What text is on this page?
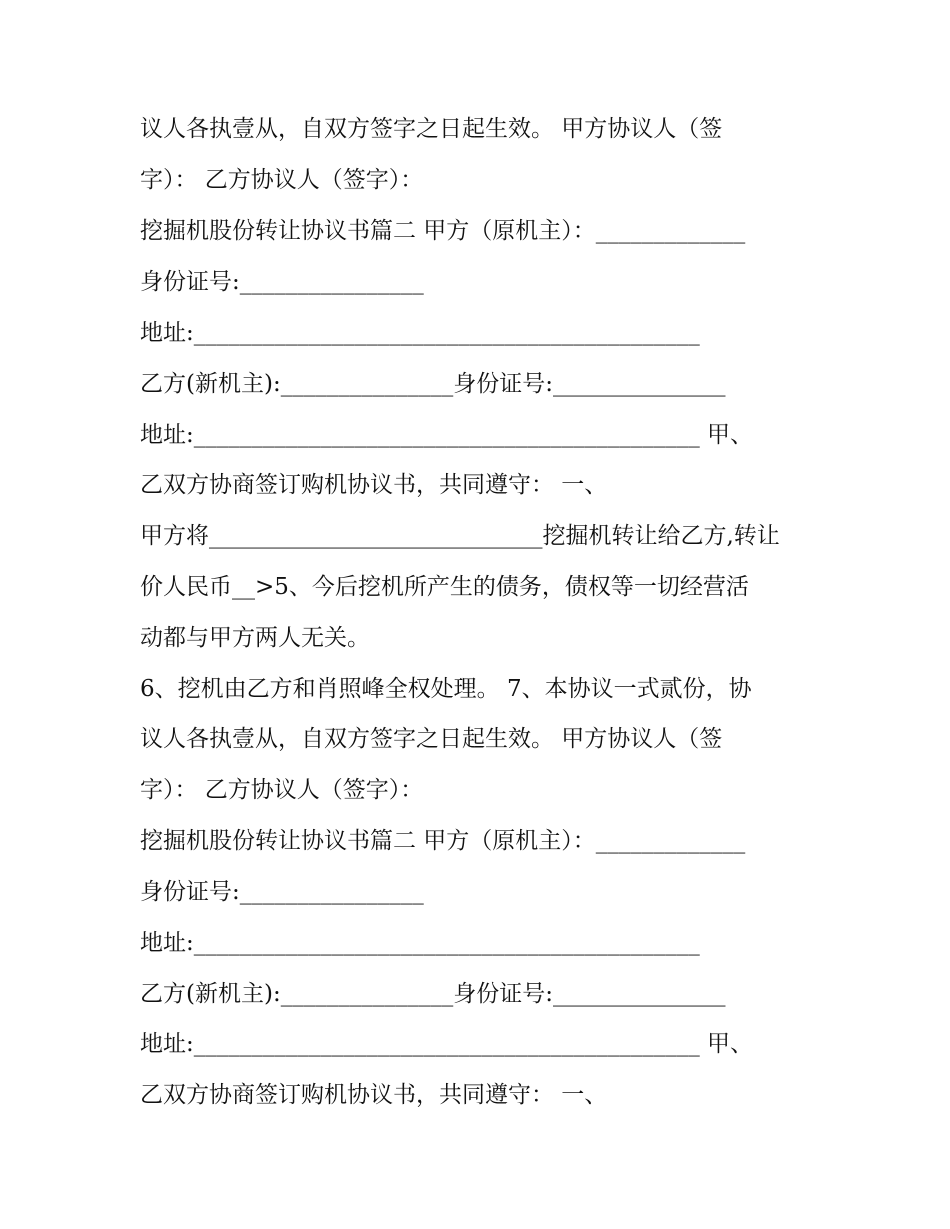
议人各执壹从，自双方签字之日起生效。 甲方协议人（签
字）： 乙方协议人（签字）：
挖掘机股份转让协议书篇二 甲方（原机主）：_____________
身份证号:________________
地址:____________________________________________
乙方(新机主):_______________身份证号:_______________
地址:____________________________________________ 甲、
乙双方协商签订购机协议书，共同遵守： 一、
甲方将_____________________________挖掘机转让给乙方,转让
价人民币__>5、今后挖机所产生的债务，债权等一切经营活
动都与甲方两人无关。
6、挖机由乙方和肖照峰全权处理。 7、本协议一式贰份，协
议人各执壹从，自双方签字之日起生效。 甲方协议人（签
字）： 乙方协议人（签字）：
挖掘机股份转让协议书篇二 甲方（原机主）：_____________
身份证号:________________
地址:____________________________________________
乙方(新机主):_______________身份证号:_______________
地址:____________________________________________ 甲、
乙双方协商签订购机协议书，共同遵守： 一、
